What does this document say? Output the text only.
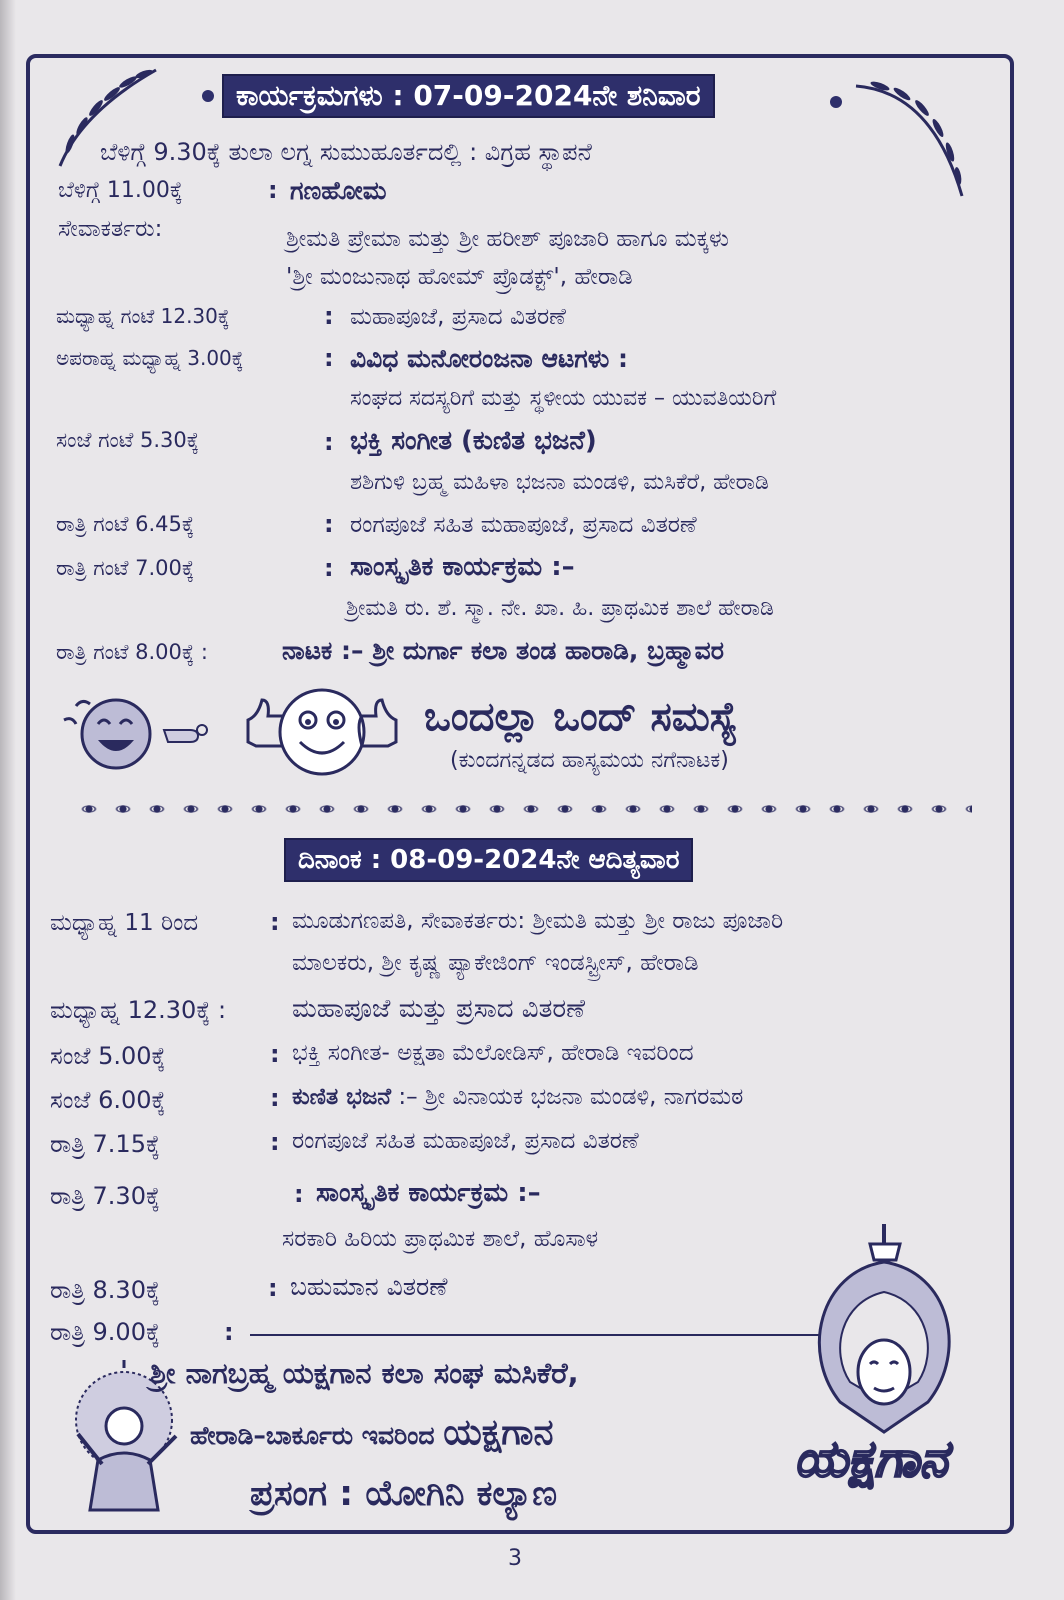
ಕಾರ್ಯಕ್ರಮಗಳು : 07-09-2024ನೇ ಶನಿವಾರ
ಬೆಳಿಗ್ಗೆ 9.30ಕ್ಕೆ ತುಲಾ ಲಗ್ನ ಸುಮುಹೂರ್ತದಲ್ಲಿ : ವಿಗ್ರಹ ಸ್ಥಾಪನೆ
ಬೆಳಿಗ್ಗೆ 11.00ಕ್ಕೆ	: ಗಣಹೋಮ
ಸೇವಾಕರ್ತರು:	ಶ್ರೀಮತಿ ಪ್ರೇಮಾ ಮತ್ತು ಶ್ರೀ ಹರೀಶ್ ಪೂಜಾರಿ ಹಾಗೂ ಮಕ್ಕಳು
'ಶ್ರೀ ಮಂಜುನಾಥ ಹೋಮ್ ಪ್ರೊಡಕ್ಟ್', ಹೇರಾಡಿ
ಮಧ್ಯಾಹ್ನ ಗಂಟೆ 12.30ಕ್ಕೆ	: ಮಹಾಪೂಜೆ, ಪ್ರಸಾದ ವಿತರಣೆ
ಅಪರಾಹ್ನ ಮಧ್ಯಾಹ್ನ 3.00ಕ್ಕೆ	: ವಿವಿಧ ಮನೋರಂಜನಾ ಆಟಗಳು :
ಸಂಘದ ಸದಸ್ಯರಿಗೆ ಮತ್ತು ಸ್ಥಳೀಯ ಯುವಕ – ಯುವತಿಯರಿಗೆ
ಸಂಜೆ ಗಂಟೆ 5.30ಕ್ಕೆ	: ಭಕ್ತಿ ಸಂಗೀತ (ಕುಣಿತ ಭಜನೆ)
ಶಶಿಗುಳಿ ಬ್ರಹ್ಮ ಮಹಿಳಾ ಭಜನಾ ಮಂಡಳಿ, ಮಸಿಕೆರೆ, ಹೇರಾಡಿ
ರಾತ್ರಿ ಗಂಟೆ 6.45ಕ್ಕೆ	: ರಂಗಪೂಜೆ ಸಹಿತ ಮಹಾಪೂಜೆ, ಪ್ರಸಾದ ವಿತರಣೆ
ರಾತ್ರಿ ಗಂಟೆ 7.00ಕ್ಕೆ	: ಸಾಂಸ್ಕೃತಿಕ ಕಾರ್ಯಕ್ರಮ :–
ಶ್ರೀಮತಿ ರು. ಶೆ. ಸ್ಮಾ. ನೇ. ಖಾ. ಹಿ. ಪ್ರಾಥಮಿಕ ಶಾಲೆ ಹೇರಾಡಿ
ರಾತ್ರಿ ಗಂಟೆ 8.00ಕ್ಕೆ :	ನಾಟಕ :– ಶ್ರೀ ದುರ್ಗಾ ಕಲಾ ತಂಡ ಹಾರಾಡಿ, ಬ್ರಹ್ಮಾವರ
ಒಂದಲ್ಲಾ ಒಂದ್ ಸಮಸ್ಯೆ
(ಕುಂದಗನ್ನಡದ ಹಾಸ್ಯಮಯ ನಗೆನಾಟಕ)
ದಿನಾಂಕ : 08-09-2024ನೇ ಆದಿತ್ಯವಾರ
ಮಧ್ಯಾಹ್ನ 11 ರಿಂದ	: ಮೂಡುಗಣಪತಿ, ಸೇವಾಕರ್ತರು: ಶ್ರೀಮತಿ ಮತ್ತು ಶ್ರೀ ರಾಜು ಪೂಜಾರಿ
ಮಾಲಕರು, ಶ್ರೀ ಕೃಷ್ಣ ಪ್ಯಾಕೇಜಿಂಗ್ ಇಂಡಸ್ಟ್ರೀಸ್, ಹೇರಾಡಿ
ಮಧ್ಯಾಹ್ನ 12.30ಕ್ಕೆ :	ಮಹಾಪೂಜೆ ಮತ್ತು ಪ್ರಸಾದ ವಿತರಣೆ
ಸಂಜೆ 5.00ಕ್ಕೆ	: ಭಕ್ತಿ ಸಂಗೀತ- ಅಕ್ಷತಾ ಮೆಲೋಡಿಸ್, ಹೇರಾಡಿ ಇವರಿಂದ
ಸಂಜೆ 6.00ಕ್ಕೆ	: ಕುಣಿತ ಭಜನೆ :– ಶ್ರೀ ವಿನಾಯಕ ಭಜನಾ ಮಂಡಳಿ, ನಾಗರಮಠ
ರಾತ್ರಿ 7.15ಕ್ಕೆ	: ರಂಗಪೂಜೆ ಸಹಿತ ಮಹಾಪೂಜೆ, ಪ್ರಸಾದ ವಿತರಣೆ
ರಾತ್ರಿ 7.30ಕ್ಕೆ	: ಸಾಂಸ್ಕೃತಿಕ ಕಾರ್ಯಕ್ರಮ :–
ಸರಕಾರಿ ಹಿರಿಯ ಪ್ರಾಥಮಿಕ ಶಾಲೆ, ಹೊಸಾಳ
ರಾತ್ರಿ 8.30ಕ್ಕೆ	: ಬಹುಮಾನ ವಿತರಣೆ
ರಾತ್ರಿ 9.00ಕ್ಕೆ	:
ಶ್ರೀ ನಾಗಬ್ರಹ್ಮ ಯಕ್ಷಗಾನ ಕಲಾ ಸಂಘ ಮಸಿಕೆರೆ,
ಹೇರಾಡಿ–ಬಾರ್ಕೂರು ಇವರಿಂದ ಯಕ್ಷಗಾನ
ಪ್ರಸಂಗ : ಯೋಗಿನಿ ಕಲ್ಯಾಣ
ಯಕ್ಷಗಾನ
3
